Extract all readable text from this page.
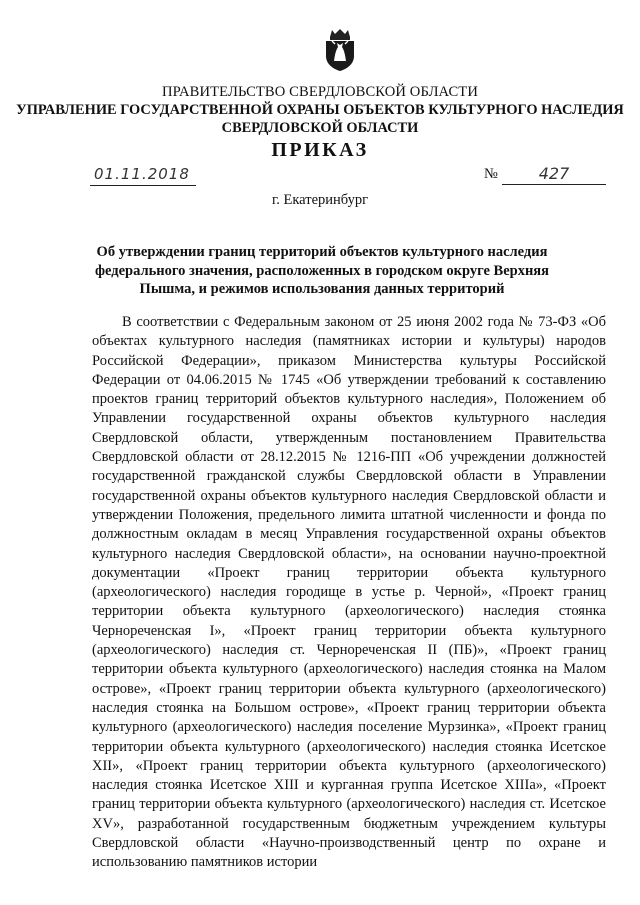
ПРАВИТЕЛЬСТВО СВЕРДЛОВСКОЙ ОБЛАСТИ
УПРАВЛЕНИЕ ГОСУДАРСТВЕННОЙ ОХРАНЫ ОБЪЕКТОВ КУЛЬТУРНОГО НАСЛЕДИЯ
СВЕРДЛОВСКОЙ ОБЛАСТИ
ПРИКАЗ
01.11.2018	№	427
г. Екатеринбург
Об утверждении границ территорий объектов культурного наследия федерального значения, расположенных в городском округе Верхняя Пышма, и режимов использования данных территорий

В соответствии с Федеральным законом от 25 июня 2002 года № 73-ФЗ «Об объектах культурного наследия (памятниках истории и культуры) народов Российской Федерации», приказом Министерства культуры Российской Федерации от 04.06.2015 № 1745 «Об утверждении требований к составлению проектов границ территорий объектов культурного наследия», Положением об Управлении государственной охраны объектов культурного наследия Свердловской области, утвержденным постановлением Правительства Свердловской области от 28.12.2015 № 1216-ПП «Об учреждении должностей государственной гражданской службы Свердловской области в Управлении государственной охраны объектов культурного наследия Свердловской области и утверждении Положения, предельного лимита штатной численности и фонда по должностным окладам в месяц Управления государственной охраны объектов культурного наследия Свердловской области», на основании научно-проектной документации «Проект границ территории объекта культурного (археологического) наследия городище в устье р. Черной», «Проект границ территории объекта культурного (археологического) наследия стоянка Чернореченская I», «Проект границ территории объекта культурного (археологического) наследия ст. Чернореченская II (ПБ)», «Проект границ территории объекта культурного (археологического) наследия стоянка на Малом острове», «Проект границ территории объекта культурного (археологического) наследия стоянка на Большом острове», «Проект границ территории объекта культурного (археологического) наследия поселение Мурзинка», «Проект границ территории объекта культурного (археологического) наследия стоянка Исетское XII», «Проект границ территории объекта культурного (археологического) наследия стоянка Исетское XIII и курганная группа Исетское XIIIa», «Проект границ территории объекта культурного (археологического) наследия ст. Исетское XV», разработанной государственным бюджетным учреждением культуры Свердловской области «Научно-производственный центр по охране и использованию памятников истории
